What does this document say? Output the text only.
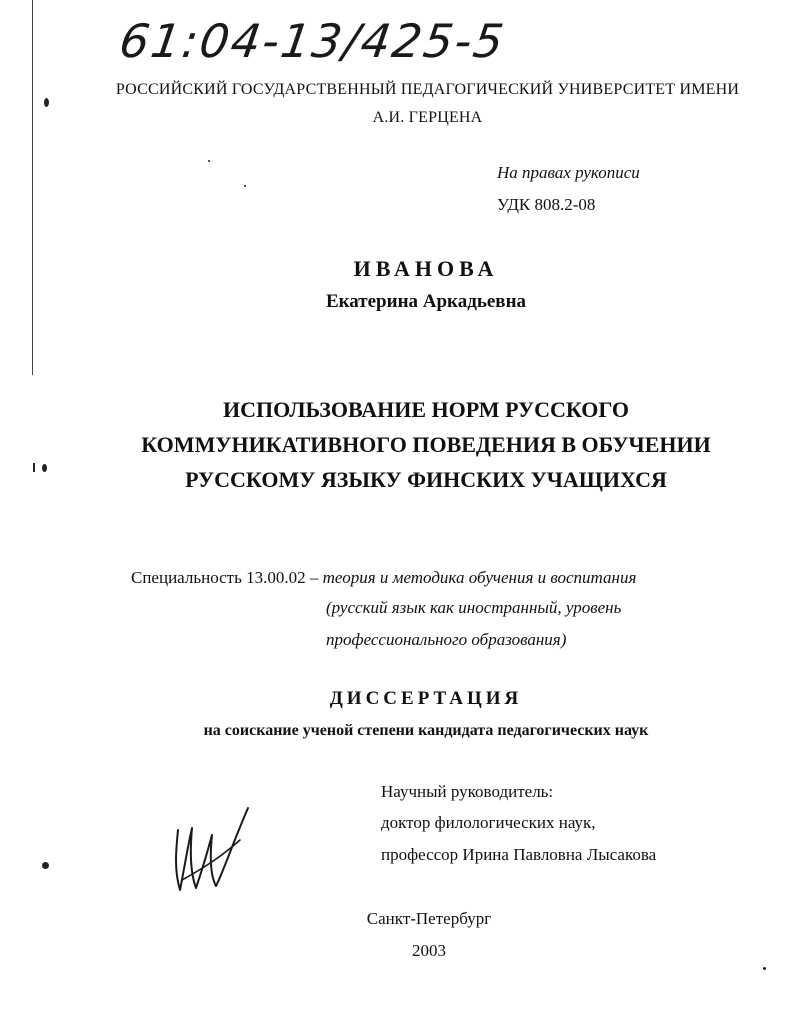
61:04-13/425-5
РОССИЙСКИЙ ГОСУДАРСТВЕННЫЙ ПЕДАГОГИЧЕСКИЙ УНИВЕРСИТЕТ ИМЕНИ
А.И. ГЕРЦЕНА
На правах рукописи
УДК 808.2-08
ИВАНОВА
Екатерина Аркадьевна
ИСПОЛЬЗОВАНИЕ НОРМ РУССКОГО
КОММУНИКАТИВНОГО ПОВЕДЕНИЯ В ОБУЧЕНИИ
РУССКОМУ ЯЗЫКУ ФИНСКИХ УЧАЩИХСЯ
Специальность 13.00.02 – теория и методика обучения и воспитания
(русский язык как иностранный, уровень
профессионального образования)
ДИССЕРТАЦИЯ
на соискание ученой степени кандидата педагогических наук
Научный руководитель:
доктор филологических наук,
профессор Ирина Павловна Лысакова
Санкт-Петербург
2003
